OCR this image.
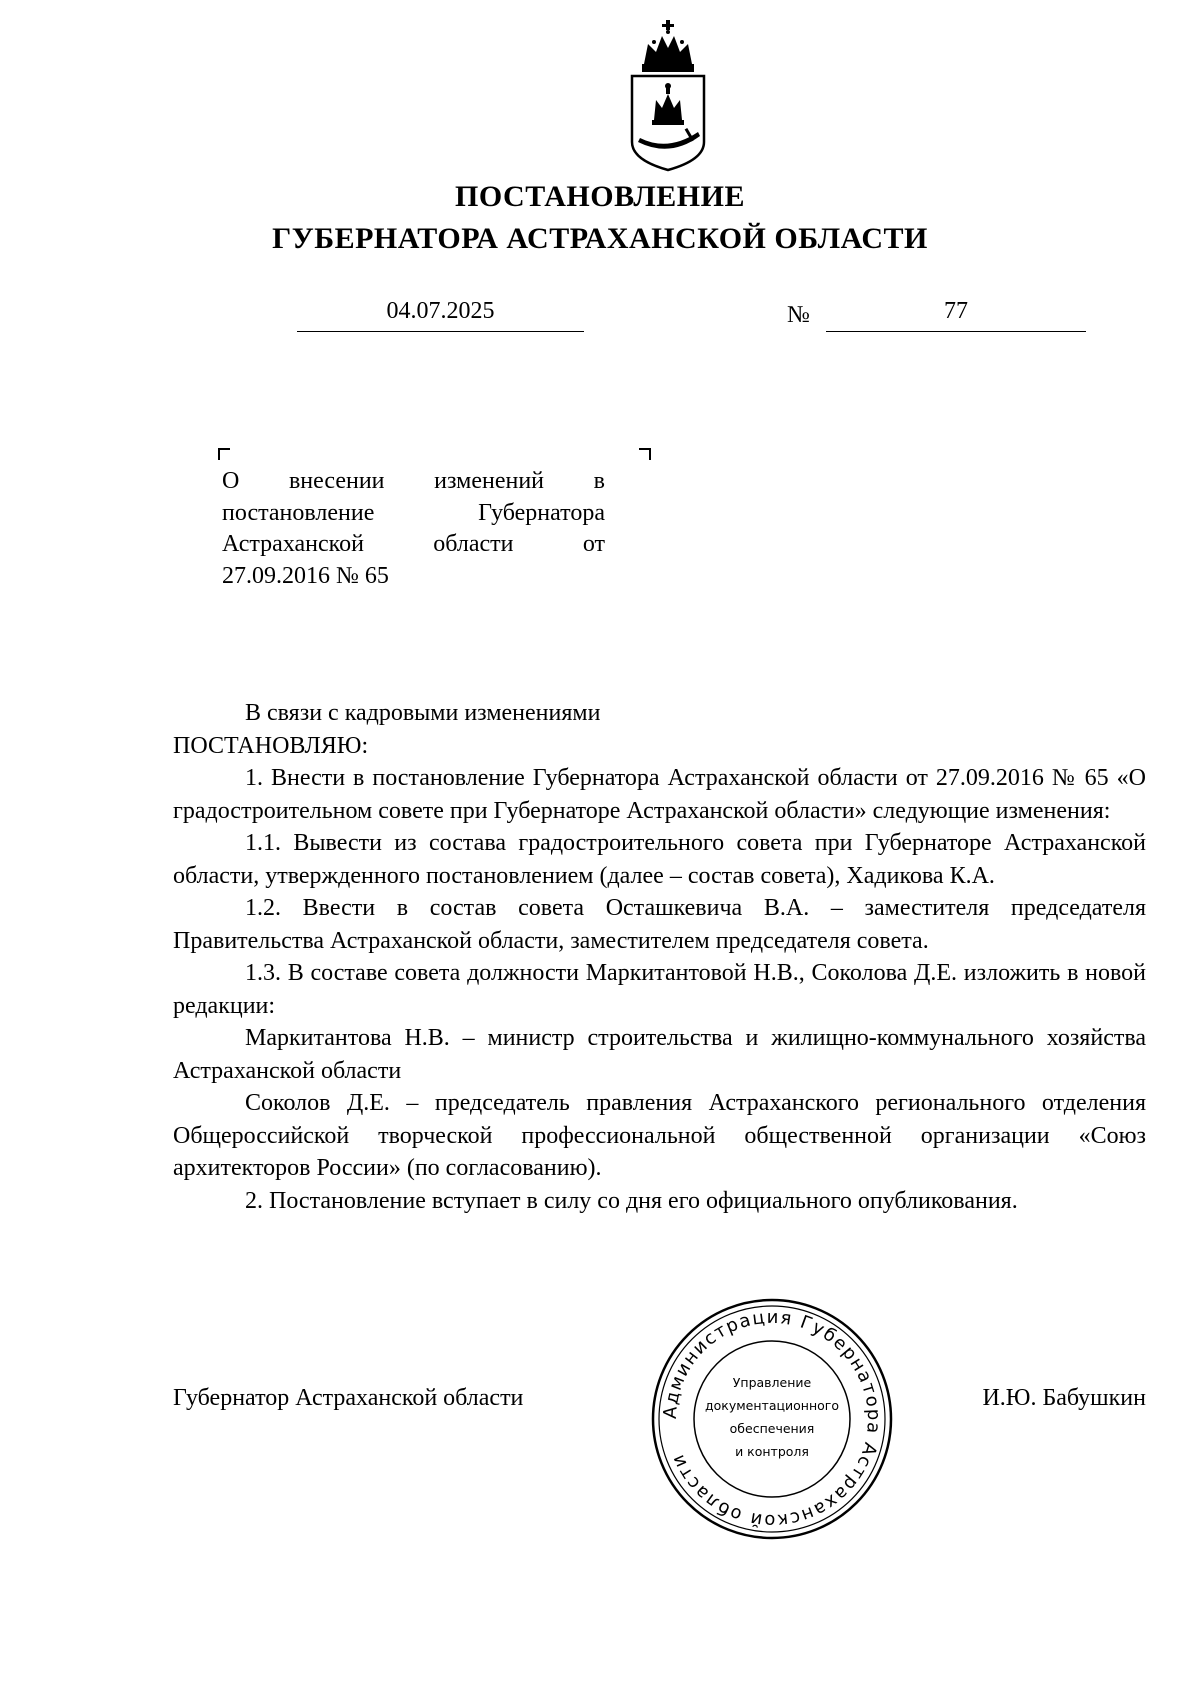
ПОСТАНОВЛЕНИЕ
ГУБЕРНАТОРА АСТРАХАНСКОЙ ОБЛАСТИ
04.07.2025	№	77
О внесении изменений в
постановление Губернатора
Астраханской области от
27.09.2016 № 65

В связи с кадровыми изменениями

ПОСТАНОВЛЯЮ:

1. Внести в постановление Губернатора Астраханской области от 27.09.2016 № 65 «О градостроительном совете при Губернаторе Астраханской области» следующие изменения:

1.1. Вывести из состава градостроительного совета при Губернаторе Астраханской области, утвержденного постановлением (далее – состав совета), Хадикова К.А.

1.2. Ввести в состав совета Осташкевича В.А. – заместителя председателя Правительства Астраханской области, заместителем председателя совета.

1.3. В составе совета должности Маркитантовой Н.В., Соколова Д.Е. изложить в новой редакции:

Маркитантова Н.В. – министр строительства и жилищно-коммунального хозяйства Астраханской области

Соколов Д.Е. – председатель правления Астраханского регионального отделения Общероссийской творческой профессиональной общественной организации «Союз архитекторов России» (по согласованию).

2. Постановление вступает в силу со дня его официального опубликования.

Губернатор Астраханской области	И.Ю. Бабушкин
Администрация Губернатора Астраханской области
Управление
документационного
обеспечения
и контроля
